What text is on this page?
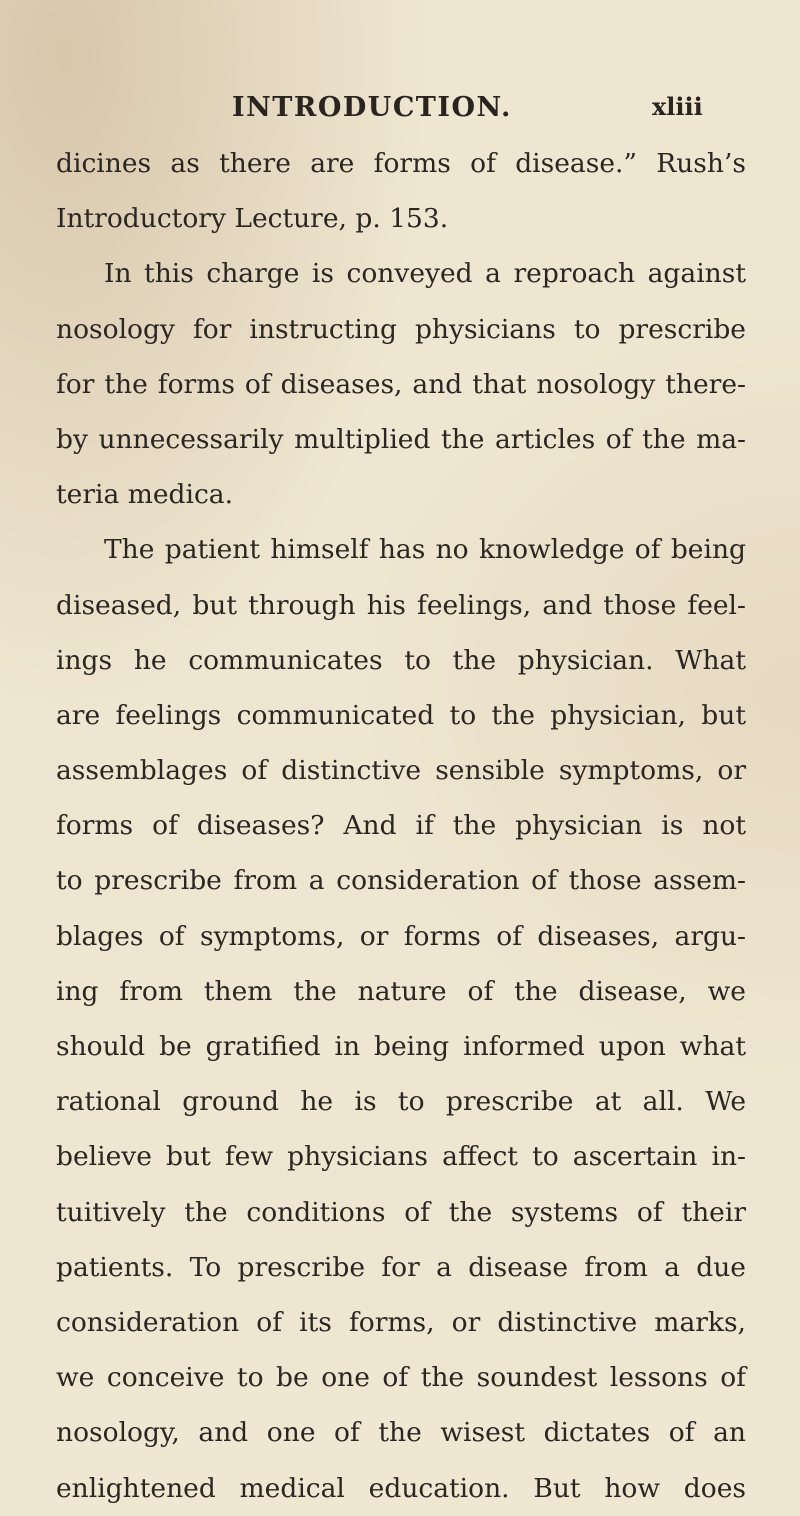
INTRODUCTION.	xliii
dicines as there are forms of disease.” Rush’s
Introductory Lecture, p. 153.
In this charge is conveyed a reproach against
nosology for instructing physicians to prescribe
for the forms of diseases, and that nosology there-
by unnecessarily multiplied the articles of the ma-
teria medica.
The patient himself has no knowledge of being
diseased, but through his feelings, and those feel-
ings he communicates to the physician. What
are feelings communicated to the physician, but
assemblages of distinctive sensible symptoms, or
forms of diseases? And if the physician is not
to prescribe from a consideration of those assem-
blages of symptoms, or forms of diseases, argu-
ing from them the nature of the disease, we
should be gratified in being informed upon what
rational ground he is to prescribe at all. We
believe but few physicians affect to ascertain in-
tuitively the conditions of the systems of their
patients. To prescribe for a disease from a due
consideration of its forms, or distinctive marks,
we conceive to be one of the soundest lessons of
nosology, and one of the wisest dictates of an
enlightened medical education. But how does
